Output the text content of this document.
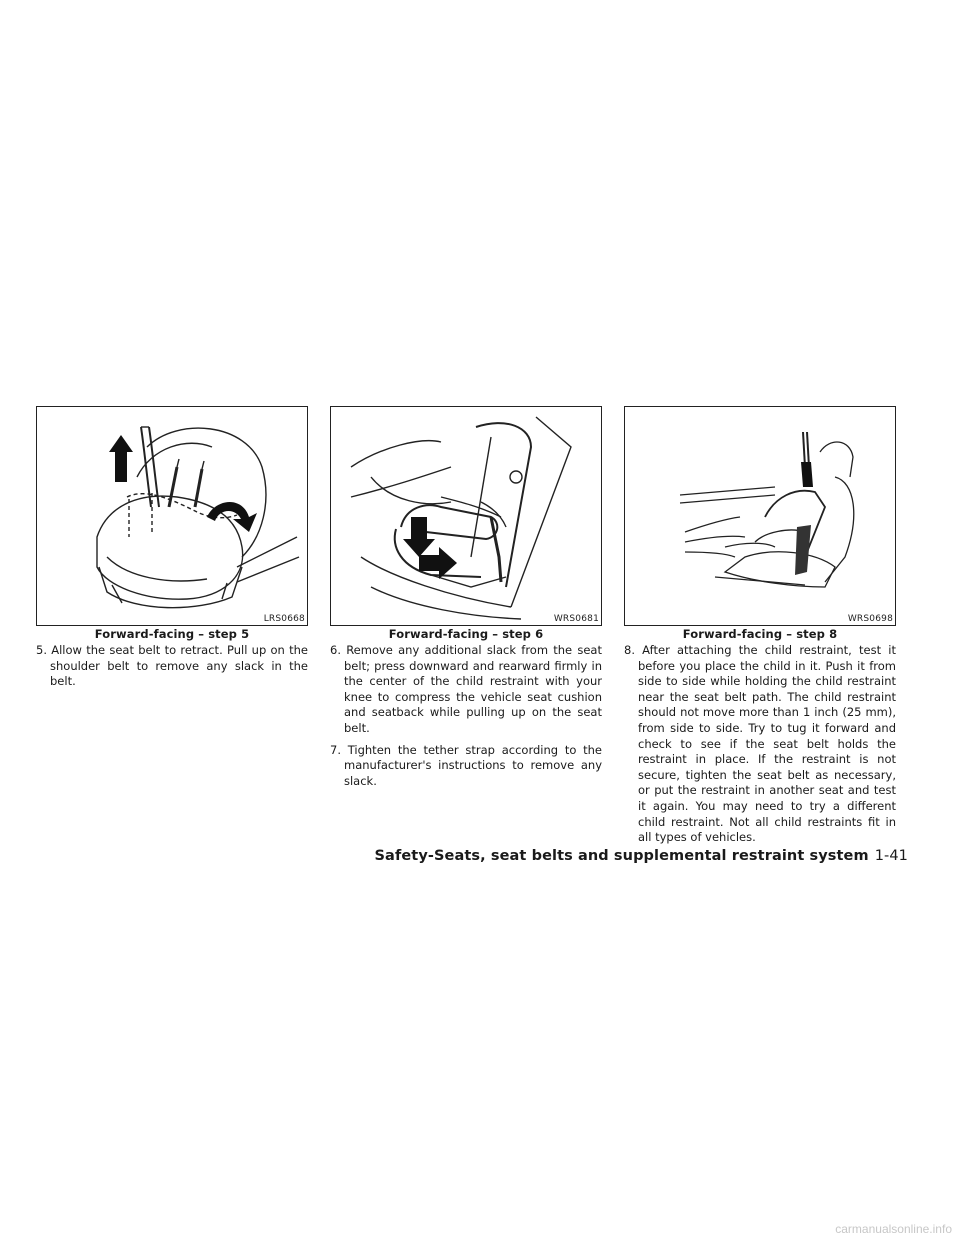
LRS0668
Forward-facing – step 5

5. Allow the seat belt to retract. Pull up on the shoulder belt to remove any slack in the belt.

WRS0681
Forward-facing – step 6

6. Remove any additional slack from the seat belt; press downward and rearward firmly in the center of the child restraint with your knee to compress the vehicle seat cushion and seatback while pulling up on the seat belt.

7. Tighten the tether strap according to the manufacturer's instructions to remove any slack.

WRS0698
Forward-facing – step 8

8. After attaching the child restraint, test it before you place the child in it. Push it from side to side while holding the child restraint near the seat belt path. The child restraint should not move more than 1 inch (25 mm), from side to side. Try to tug it forward and check to see if the seat belt holds the restraint in place. If the restraint is not secure, tighten the seat belt as necessary, or put the restraint in another seat and test it again. You may need to try a different child restraint. Not all child restraints fit in all types of vehicles.

Safety-Seats, seat belts and supplemental restraint system 1-41
carmanualsonline.info
